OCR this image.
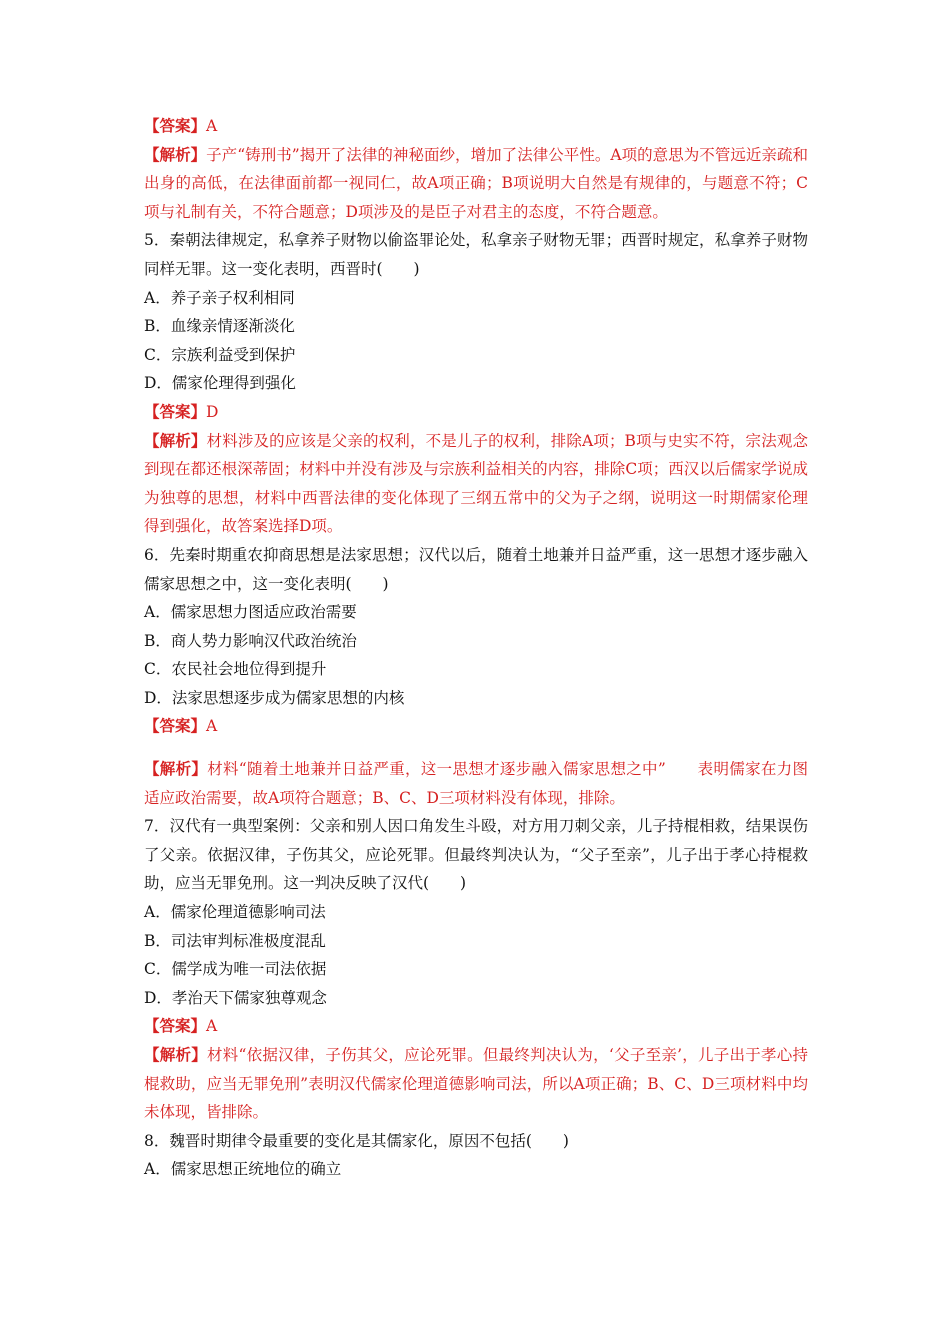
【答案】A

【解析】子产“铸刑书”揭开了法律的神秘面纱，增加了法律公平性。A项的意思为不管远近亲疏和出身的高低，在法律面前都一视同仁，故A项正确；B项说明大自然是有规律的，与题意不符；C项与礼制有关，不符合题意；D项涉及的是臣子对君主的态度，不符合题意。

5．秦朝法律规定，私拿养子财物以偷盗罪论处，私拿亲子财物无罪；西晋时规定，私拿养子财物同样无罪。这一变化表明，西晋时(　　)

A．养子亲子权利相同

B．血缘亲情逐渐淡化

C．宗族利益受到保护

D．儒家伦理得到强化

【答案】D

【解析】材料涉及的应该是父亲的权利，不是儿子的权利，排除A项；B项与史实不符，宗法观念到现在都还根深蒂固；材料中并没有涉及与宗族利益相关的内容，排除C项；西汉以后儒家学说成为独尊的思想，材料中西晋法律的变化体现了三纲五常中的父为子之纲，说明这一时期儒家伦理得到强化，故答案选择D项。

6．先秦时期重农抑商思想是法家思想；汉代以后，随着土地兼并日益严重，这一思想才逐步融入儒家思想之中，这一变化表明(　　)

A．儒家思想力图适应政治需要

B．商人势力影响汉代政治统治

C．农民社会地位得到提升

D．法家思想逐步成为儒家思想的内核

【答案】A

【解析】材料“随着土地兼并日益严重，这一思想才逐步融入儒家思想之中”　　表明儒家在力图适应政治需要，故A项符合题意；B、C、D三项材料没有体现，排除。

7．汉代有一典型案例：父亲和别人因口角发生斗殴，对方用刀刺父亲，儿子持棍相救，结果误伤了父亲。依据汉律，子伤其父，应论死罪。但最终判决认为，“父子至亲”，儿子出于孝心持棍救助，应当无罪免刑。这一判决反映了汉代(　　)

A．儒家伦理道德影响司法

B．司法审判标准极度混乱

C．儒学成为唯一司法依据

D．孝治天下儒家独尊观念

【答案】A

【解析】材料“依据汉律，子伤其父，应论死罪。但最终判决认为，‘父子至亲’，儿子出于孝心持棍救助，应当无罪免刑”表明汉代儒家伦理道德影响司法，所以A项正确；B、C、D三项材料中均未体现，皆排除。

8．魏晋时期律令最重要的变化是其儒家化，原因不包括(　　)

A．儒家思想正统地位的确立
